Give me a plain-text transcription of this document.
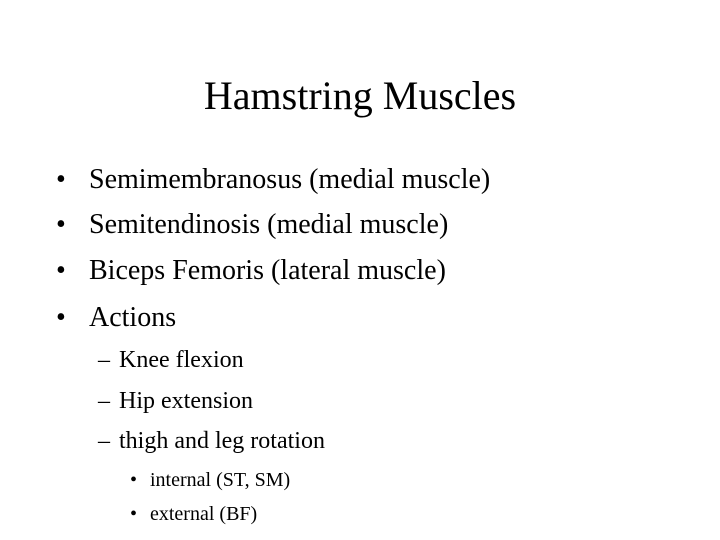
Hamstring Muscles
• Semimembranosus (medial muscle)
• Semitendinosis (medial muscle)
• Biceps Femoris (lateral muscle)
• Actions
– Knee flexion
– Hip extension
– thigh and leg rotation
• internal (ST, SM)
• external (BF)
